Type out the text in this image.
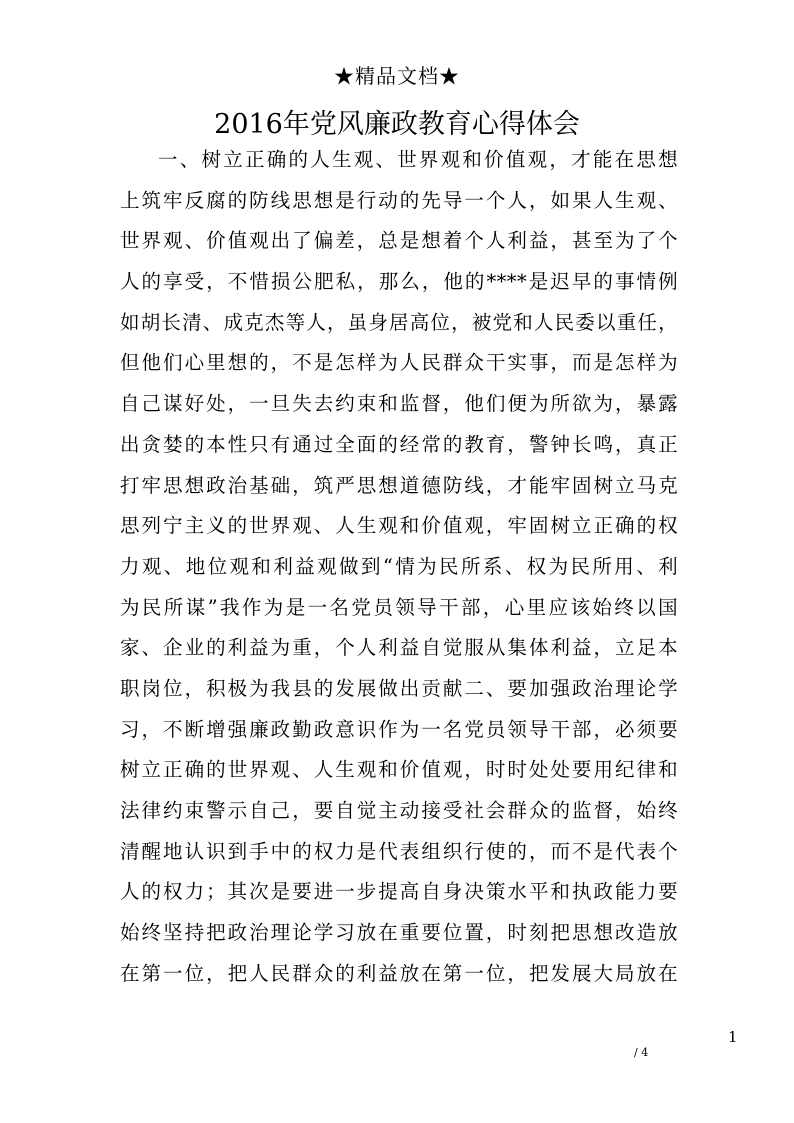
★精品文档★
2016年党风廉政教育心得体会
一、树立正确的人生观、世界观和价值观，才能在思想
上筑牢反腐的防线思想是行动的先导一个人，如果人生观、
世界观、价值观出了偏差，总是想着个人利益，甚至为了个
人的享受，不惜损公肥私，那么，他的****是迟早的事情例
如胡长清、成克杰等人，虽身居高位，被党和人民委以重任，
但他们心里想的，不是怎样为人民群众干实事，而是怎样为
自己谋好处，一旦失去约束和监督，他们便为所欲为，暴露
出贪婪的本性只有通过全面的经常的教育，警钟长鸣，真正
打牢思想政治基础，筑严思想道德防线，才能牢固树立马克
思列宁主义的世界观、人生观和价值观，牢固树立正确的权
力观、地位观和利益观做到“情为民所系、权为民所用、利
为民所谋”我作为是一名党员领导干部，心里应该始终以国
家、企业的利益为重，个人利益自觉服从集体利益，立足本
职岗位，积极为我县的发展做出贡献二、要加强政治理论学
习，不断增强廉政勤政意识作为一名党员领导干部，必须要
树立正确的世界观、人生观和价值观，时时处处要用纪律和
法律约束警示自己，要自觉主动接受社会群众的监督，始终
清醒地认识到手中的权力是代表组织行使的，而不是代表个
人的权力；其次是要进一步提高自身决策水平和执政能力要
始终坚持把政治理论学习放在重要位置，时刻把思想改造放
在第一位，把人民群众的利益放在第一位，把发展大局放在
1
/ 4
